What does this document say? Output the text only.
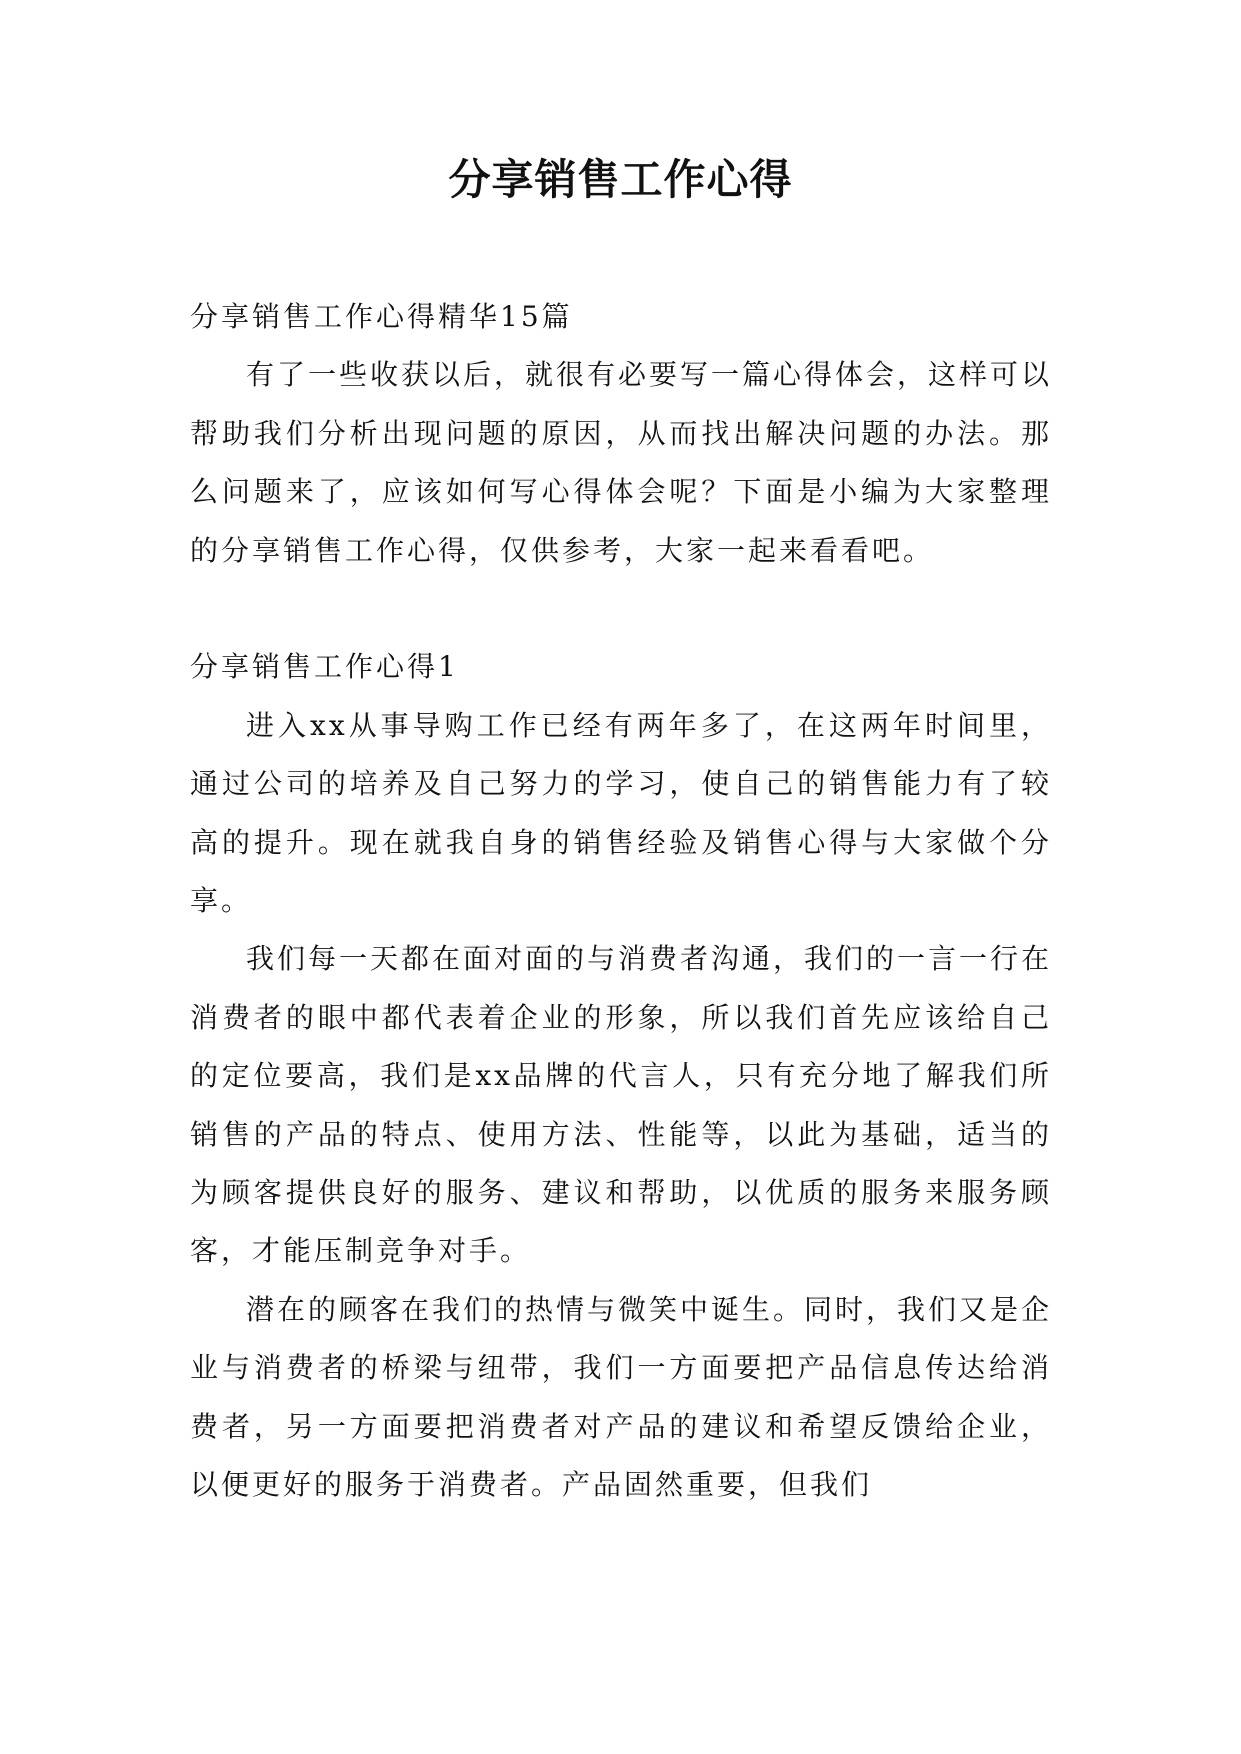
分享销售工作心得

分享销售工作心得精华15篇

有了一些收获以后，就很有必要写一篇心得体会，这样可以帮助我们分析出现问题的原因，从而找出解决问题的办法。那么问题来了，应该如何写心得体会呢？下面是小编为大家整理的分享销售工作心得，仅供参考，大家一起来看看吧。

分享销售工作心得1

进入xx从事导购工作已经有两年多了，在这两年时间里，通过公司的培养及自己努力的学习，使自己的销售能力有了较高的提升。现在就我自身的销售经验及销售心得与大家做个分享。

我们每一天都在面对面的与消费者沟通，我们的一言一行在消费者的眼中都代表着企业的形象，所以我们首先应该给自己的定位要高，我们是xx品牌的代言人，只有充分地了解我们所销售的产品的特点、使用方法、性能等，以此为基础，适当的为顾客提供良好的服务、建议和帮助，以优质的服务来服务顾客，才能压制竞争对手。

潜在的顾客在我们的热情与微笑中诞生。同时，我们又是企业与消费者的桥梁与纽带，我们一方面要把产品信息传达给消费者，另一方面要把消费者对产品的建议和希望反馈给企业，以便更好的服务于消费者。产品固然重要，但我们
